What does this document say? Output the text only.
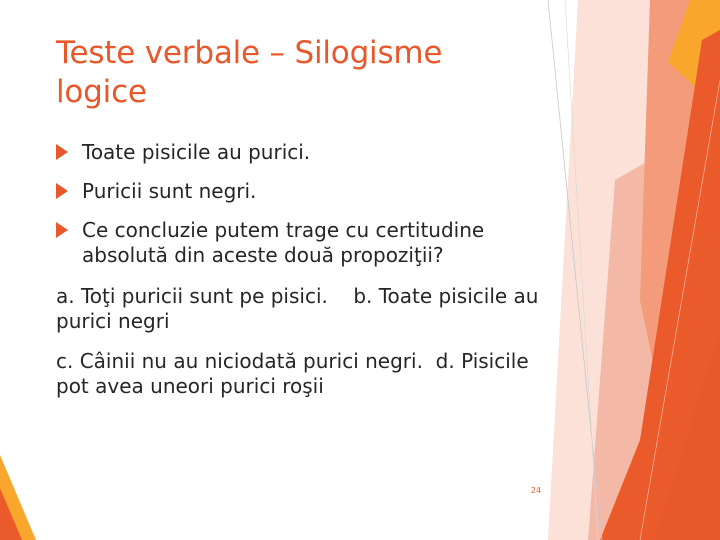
Teste verbale – Silogisme logice
Toate pisicile au purici.
Puricii sunt negri.
Ce concluzie putem trage cu certitudine absolută din aceste două propoziţii?
a. Toţi puricii sunt pe pisici. b. Toate pisicile au purici negri
c. Câinii nu au niciodată purici negri. d. Pisicile pot avea uneori purici roşii
24
